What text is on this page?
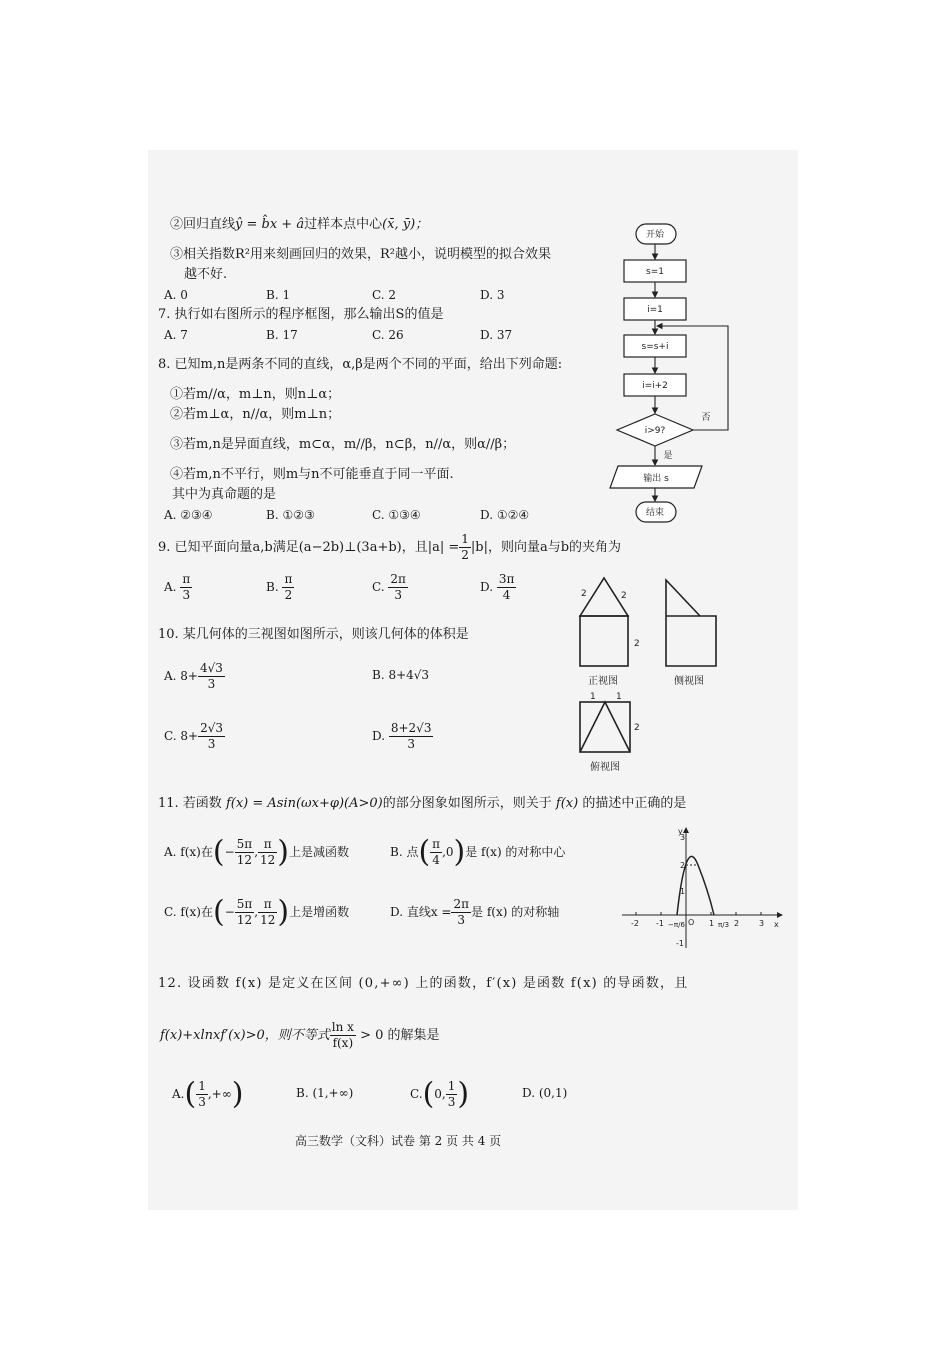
②回归直线ŷ = b̂x + â过样本点中心(x̄, ȳ)；
③相关指数R²用来刻画回归的效果，R²越小，说明模型的拟合效果
越不好.
A. 0	B. 1	C. 2	D. 3
7. 执行如右图所示的程序框图，那么输出S的值是
A. 7	B. 17	C. 26	D. 37
开始
s=1
i=1
s=s+i
i=i+2
i>9?
否
是
输出 s
结束
8. 已知m,n是两条不同的直线，α,β是两个不同的平面，给出下列命题:
①若m//α，m⊥n，则n⊥α；
②若m⊥α，n//α，则m⊥n；
③若m,n是异面直线，m⊂α，m//β，n⊂β，n//α，则α//β；
④若m,n不平行，则m与n不可能垂直于同一平面.
其中为真命题的是
A. ②③④	B. ①②③	C. ①③④	D. ①②④
9. 已知平面向量a,b满足(a−2b)⊥(3a+b)，且$|a| = \frac{1}{2} |b|$，则向量a与b的夹角为
A. $\frac{\pi}{3}$	B. $\frac{\pi}{2}$	C. $\frac{2\pi}{3}$	D. $\frac{3\pi}{4}$	2	2
2
2
1 1
正视图	侧视图
俯视图
10. 某几何体的三视图如图所示，则该几何体的体积是
A. $8+ \frac{4√3}{3}$	B. 8+4√3
C. $8+ \frac{2√3}{3}$	D. $\frac{8+2√3}{3}$
11. 若函数 f(x) = Asin(ωx+φ)(A>0)的部分图象如图所示，则关于 f(x) 的描述中正确的是
A. f(x)在(− $\frac{5\pi}{12}$ , $\frac{\pi}{12}$ )上是减函数	B. 点( $\frac{\pi}{4} ,0$)是 f(x) 的对称中心
C. f(x)在(− $\frac{5\pi}{12}$ , $\frac{\pi}{12}$ )上是增函数	D. 直线$x = \frac{2\pi}{3}$ 是 f(x) 的对称轴
y
x
-2 -1	1 2 3
3
2
1
-1
O
−π/6	π/3
12. 设函数 f(x) 是定义在区间 (0,+∞) 上的函数，f′(x) 是函数 f(x) 的导函数，且
f(x)+xlnxf′(x)>0，则不等式 $\frac{\text{ln x}}{f(x)} > 0$ 的解集是
$A.( \frac{1}{3}$ ,+∞)	B. (1,+∞)	C.(0, $\frac{1}{3}$ )	D. (0,1)
高三数学（文科）试卷 第 2 页 共 4 页
